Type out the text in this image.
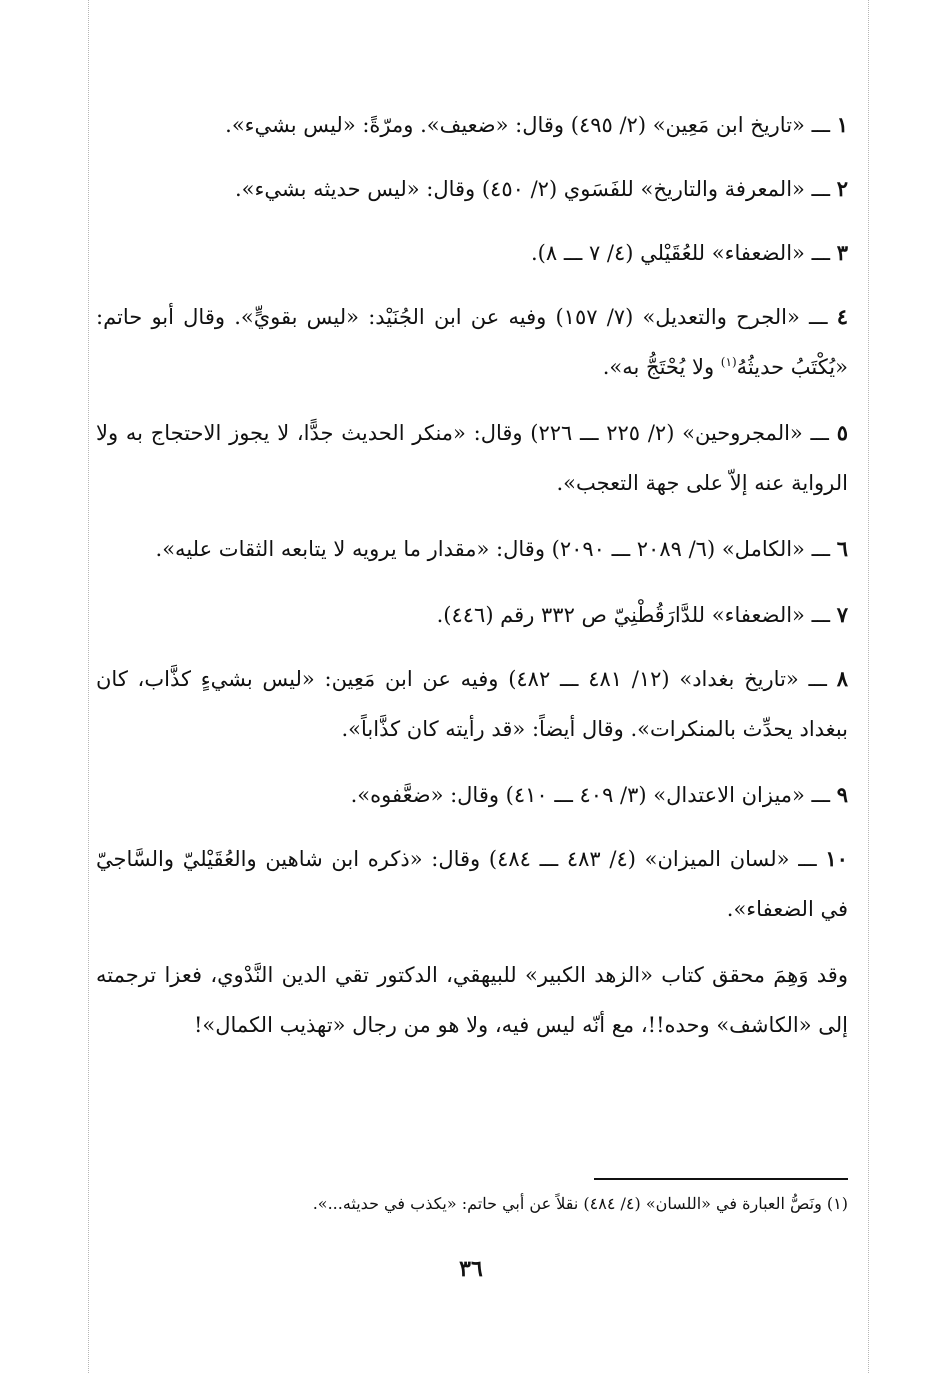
١ ـــ «تاريخ ابن مَعِين» (٢/ ٤٩٥) وقال: «ضعيف». ومرّةً: «ليس بشيء».

٢ ـــ «المعرفة والتاريخ» للفَسَوي (٢/ ٤٥٠) وقال: «ليس حديثه بشيء».

٣ ـــ «الضعفاء» للعُقَيْلي (٤/ ٧ ـــ ٨).

٤ ـــ «الجرح والتعديل» (٧/ ١٥٧) وفيه عن ابن الجُنَيْد: «ليس بقويٍّ». وقال أبو حاتم: «يُكْتَبُ حديثُهُ$^{(١)}$ ولا يُحْتَجُّ به».

٥ ـــ «المجروحين» (٢/ ٢٢٥ ـــ ٢٢٦) وقال: «منكر الحديث جدًّا، لا يجوز الاحتجاج به ولا الرواية عنه إلاّ على جهة التعجب».

٦ ـــ «الكامل» (٦/ ٢٠٨٩ ـــ ٢٠٩٠) وقال: «مقدار ما يرويه لا يتابعه الثقات عليه».

٧ ـــ «الضعفاء» للدَّارَقُطْنِيّ ص ٣٣٢ رقم (٤٤٦).

٨ ـــ «تاريخ بغداد» (١٢/ ٤٨١ ـــ ٤٨٢) وفيه عن ابن مَعِين: «ليس بشيءٍ كذَّاب، كان ببغداد يحدِّث بالمنكرات». وقال أيضاً: «قد رأيته كان كذَّاباً».

٩ ـــ «ميزان الاعتدال» (٣/ ٤٠٩ ـــ ٤١٠) وقال: «ضعَّفوه».

١٠ ـــ «لسان الميزان» (٤/ ٤٨٣ ـــ ٤٨٤) وقال: «ذكره ابن شاهين والعُقَيْليّ والسَّاجيّ في الضعفاء».

وقد وَهِمَ محقق كتاب «الزهد الكبير» للبيهقي، الدكتور تقي الدين النَّدْوي، فعزا ترجمته إلى «الكاشف» وحده!!، مع أنّه ليس فيه، ولا هو من رجال «تهذيب الكمال»!

(١) ونَصُّ العبارة في «اللسان» (٤/ ٤٨٤) نقلاً عن أبي حاتم: «يكذب في حديثه...».
٣٦
